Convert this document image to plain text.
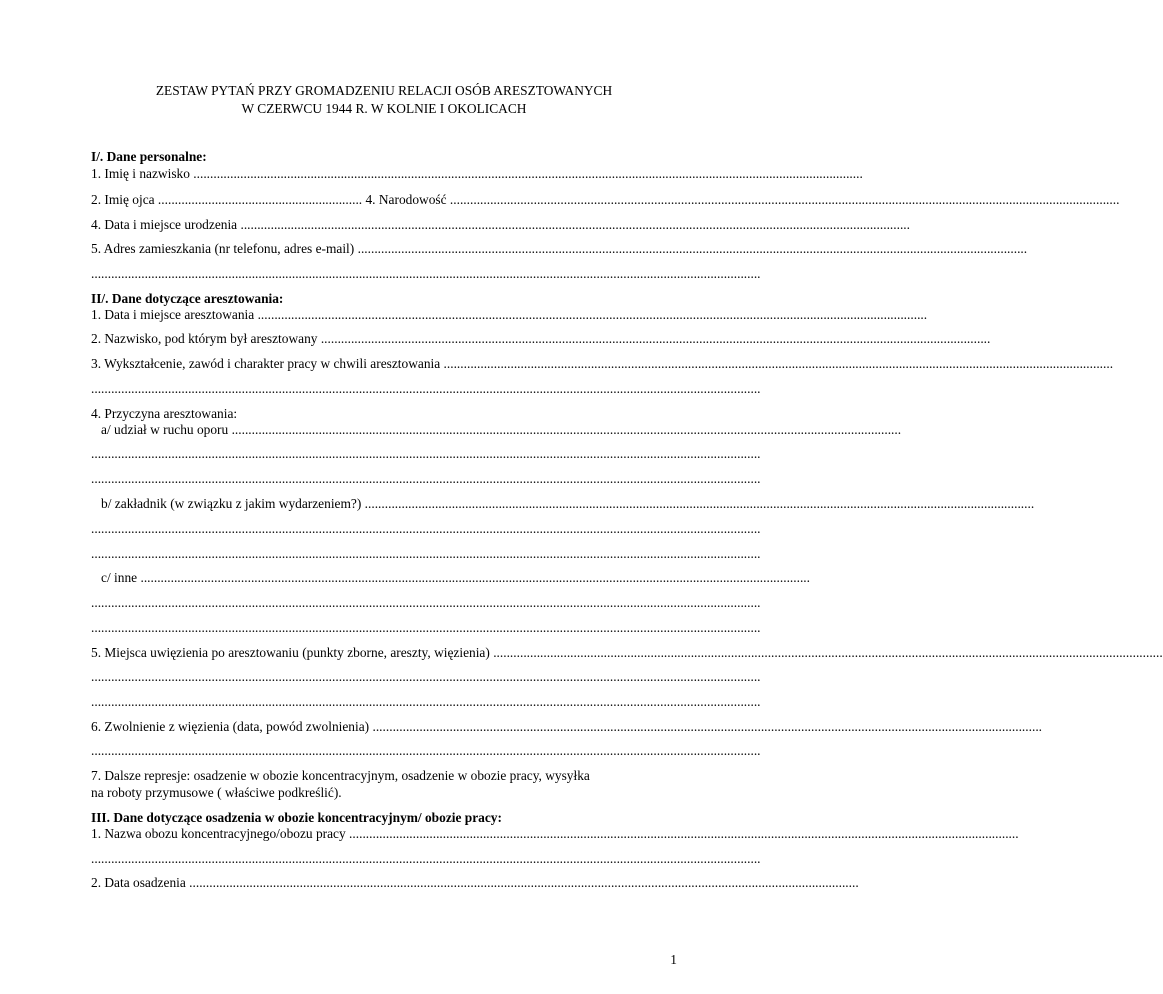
ZESTAW PYTAŃ PRZY GROMADZENIU RELACJI OSÓB ARESZTOWANYCH
W CZERWCU 1944 R. W KOLNIE I OKOLICACH
I/. Dane personalne:
1. Imię i nazwisko ........................................................................................................................................................................................................
2. Imię ojca ............................................................. 4. Narodowość ........................................................................................................................................................................................................
4. Data i miejsce urodzenia ........................................................................................................................................................................................................
5. Adres zamieszkania (nr telefonu, adres e-mail) ........................................................................................................................................................................................................
........................................................................................................................................................................................................
II/. Dane dotyczące aresztowania:
1. Data i miejsce aresztowania ........................................................................................................................................................................................................
2. Nazwisko, pod którym był aresztowany ........................................................................................................................................................................................................
3. Wykształcenie, zawód i charakter pracy w chwili aresztowania ........................................................................................................................................................................................................
........................................................................................................................................................................................................
4. Przyczyna aresztowania:
a/ udział w ruchu oporu ........................................................................................................................................................................................................
........................................................................................................................................................................................................
........................................................................................................................................................................................................
b/ zakładnik (w związku z jakim wydarzeniem?) ........................................................................................................................................................................................................
........................................................................................................................................................................................................
........................................................................................................................................................................................................
c/ inne ........................................................................................................................................................................................................
........................................................................................................................................................................................................
........................................................................................................................................................................................................
5. Miejsca uwięzienia po aresztowaniu (punkty zborne, areszty, więzienia) ........................................................................................................................................................................................................
........................................................................................................................................................................................................
........................................................................................................................................................................................................
6. Zwolnienie z więzienia (data, powód zwolnienia) ........................................................................................................................................................................................................
........................................................................................................................................................................................................
7. Dalsze represje: osadzenie w obozie koncentracyjnym, osadzenie w obozie pracy, wysyłka
na roboty przymusowe ( właściwe podkreślić).
III. Dane dotyczące osadzenia w obozie koncentracyjnym/ obozie pracy:
1. Nazwa obozu koncentracyjnego/obozu pracy ........................................................................................................................................................................................................
........................................................................................................................................................................................................
2. Data osadzenia ........................................................................................................................................................................................................
1
